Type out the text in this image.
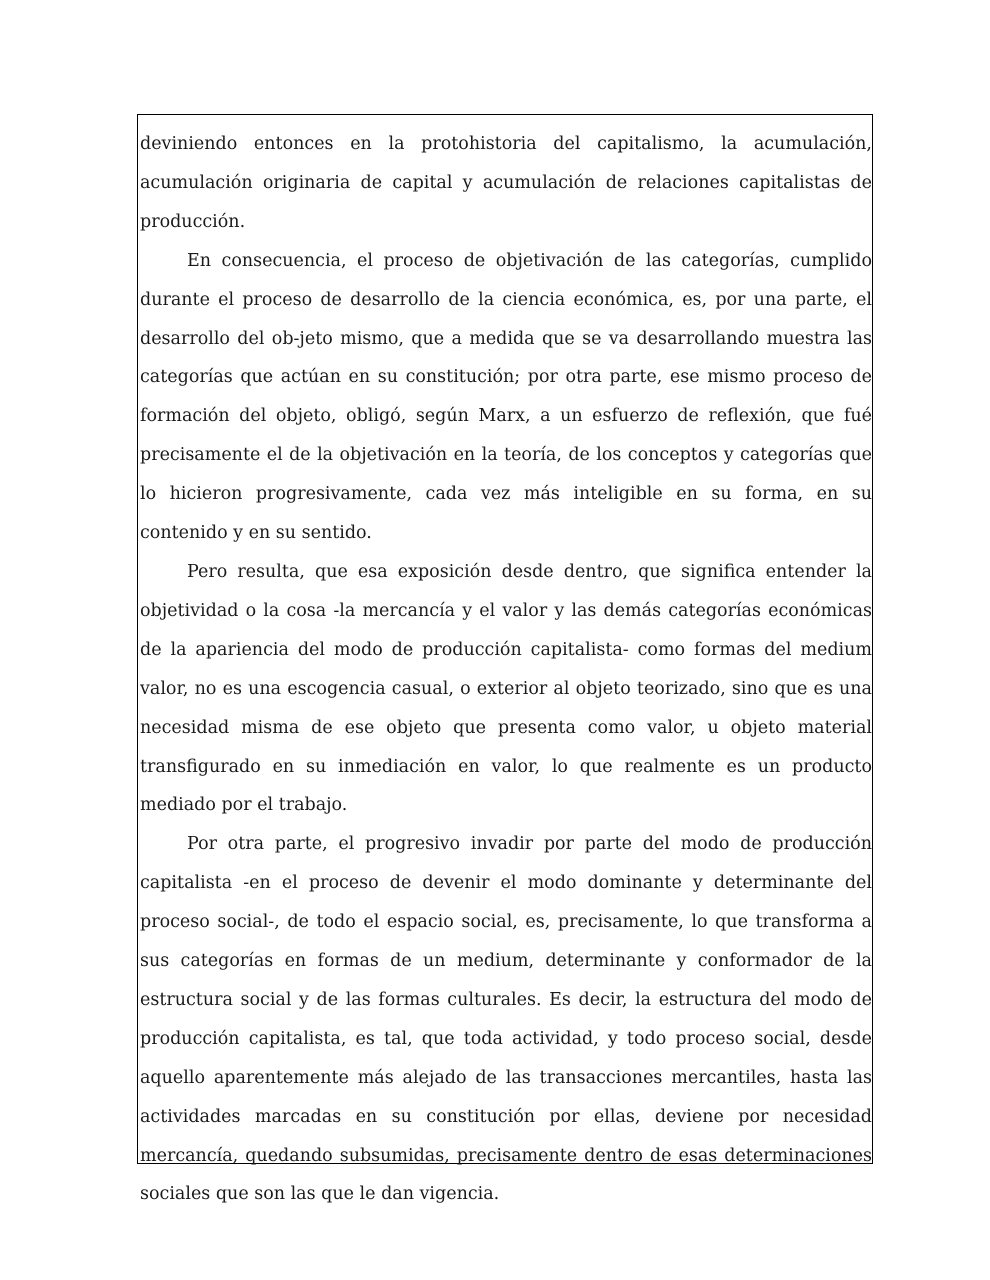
deviniendo entonces en la protohistoria del capitalismo, la acumulación, acumulación originaria de capital y acumulación de relaciones capitalistas de producción.

En consecuencia, el proceso de objetivación de las categorías, cumplido durante el proceso de desarrollo de la ciencia económica, es, por una parte, el desarrollo del ob-jeto mismo, que a medida que se va desarrollando muestra las categorías que actúan en su constitución; por otra parte, ese mismo proceso de formación del objeto, obligó, según Marx, a un esfuerzo de reflexión, que fué precisamente el de la objetivación en la teoría, de los conceptos y categorías que lo hicieron progresivamente, cada vez más inteligible en su forma, en su contenido y en su sentido.

Pero resulta, que esa exposición desde dentro, que significa entender la objetividad o la cosa -la mercancía y el valor y las demás categorías económicas de la apariencia del modo de producción capitalista- como formas del medium valor, no es una escogencia casual, o exterior al objeto teorizado, sino que es una necesidad misma de ese objeto que presenta como valor, u objeto material transfigurado en su inmediación en valor, lo que realmente es un producto mediado por el trabajo.

Por otra parte, el progresivo invadir por parte del modo de producción capitalista -en el proceso de devenir el modo dominante y determinante del proceso social-, de todo el espacio social, es, precisamente, lo que transforma a sus categorías en formas de un medium, determinante y conformador de la estructura social y de las formas culturales. Es decir, la estructura del modo de producción capitalista, es tal, que toda actividad, y todo proceso social, desde aquello aparentemente más alejado de las transacciones mercantiles, hasta las actividades marcadas en su constitución por ellas, deviene por necesidad mercancía, quedando subsumidas, precisamente dentro de esas determinaciones sociales que son las que le dan vigencia.
